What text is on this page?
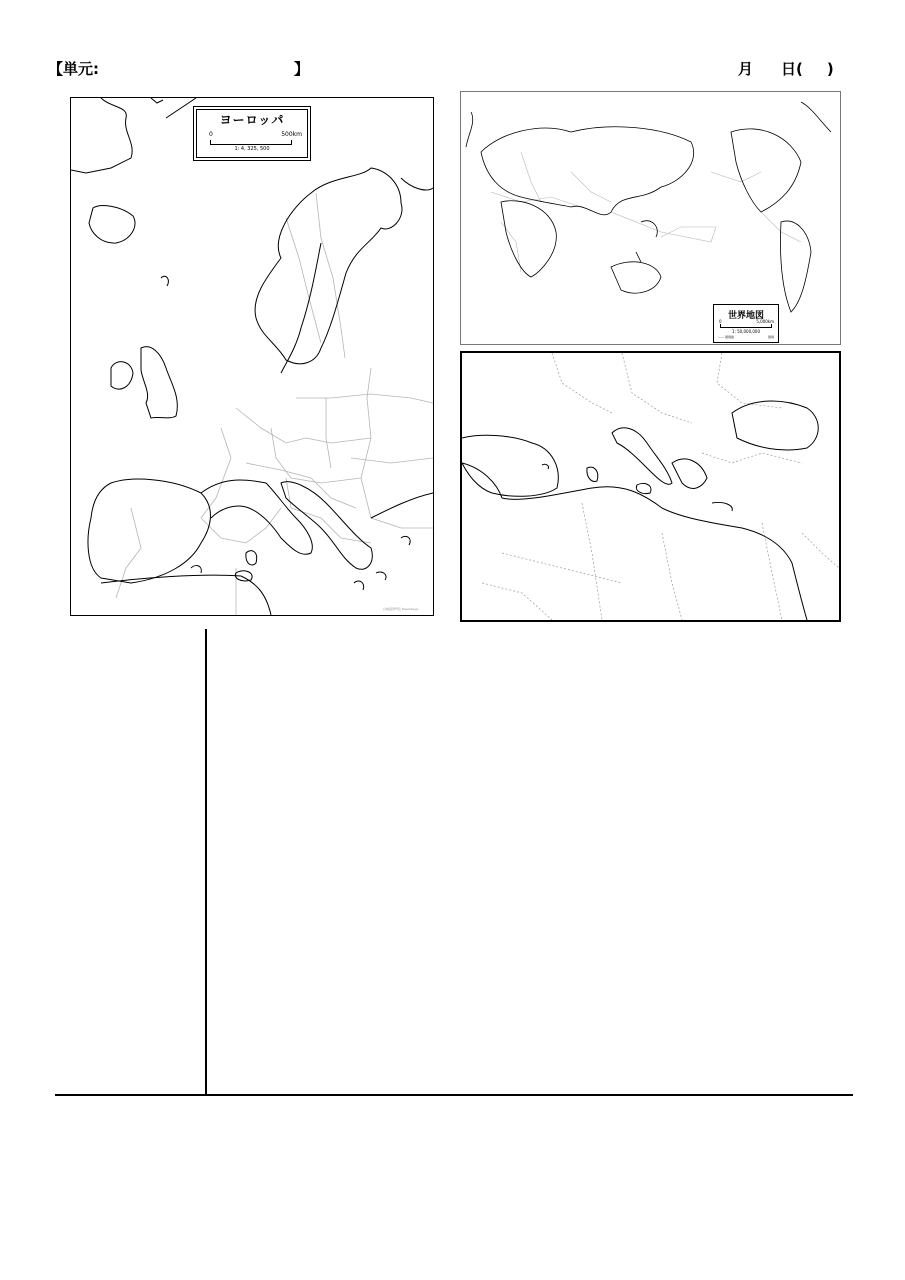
【単元:	】	月 日( )
ヨーロッパ
0	500km
1: 4, 325, 500
白地図専門店 freemap.jp
世界地図
0	5,000km
1: 50,000,000
—— 国境線	国境
